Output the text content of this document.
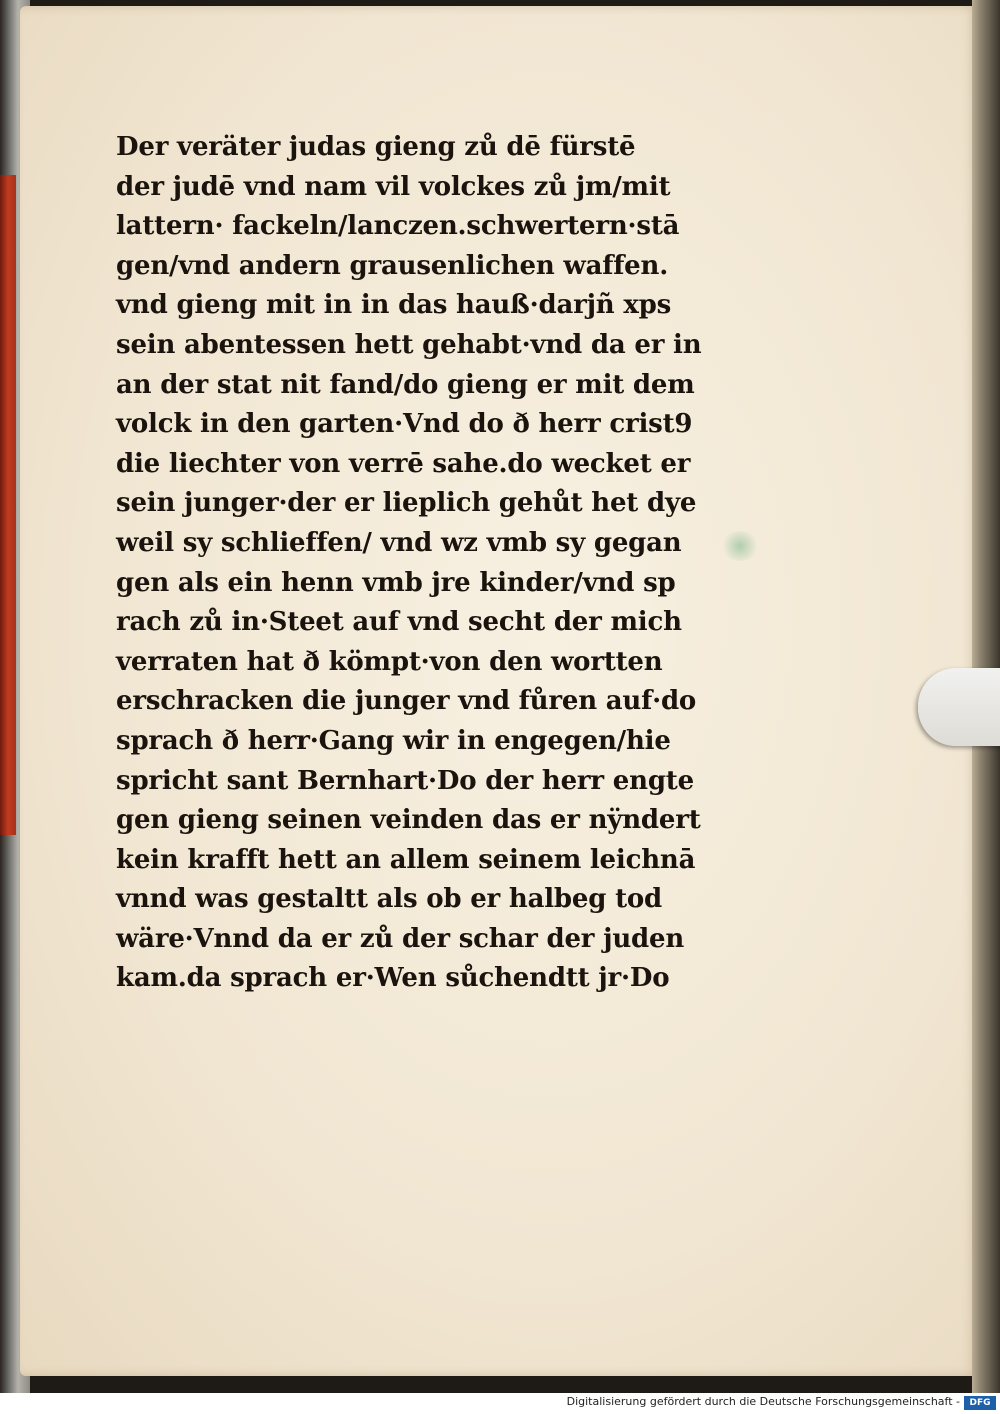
Der veräter judas gieng zů dē fürstē
der judē vnd nam vil volckes zů jm/mit
lattern· fackeln/lanczen.schwertern·stā
gen/vnd andern grausenlichen waffen.
vnd gieng mit in in das hauß·darjñ xps
sein abentessen hett gehabt·vnd da er in
an der stat nit fand/do gieng er mit dem
volck in den garten·Vnd do ð herr crist9
die liechter von verrē sahe.do wecket er
sein junger·der er lieplich gehůt het dye
weil sy schlieffen/ vnd wz vmb sy gegan
gen als ein henn vmb jre kinder/vnd sp
rach zů in·Steet auf vnd secht der mich
verraten hat ð kömpt·von den wortten
erschracken die junger vnd fůren auf·do
sprach ð herr·Gang wir in engegen/hie
spricht sant Bernhart·Do der herr engte
gen gieng seinen veinden das er nÿndert
kein krafft hett an allem seinem leichnā
vnnd was gestaltt als ob er halbeg tod
wäre·Vnnd da er zů der schar der juden
kam.da sprach er·Wen sůchendtt jr·Do
Digitalisierung gefördert durch die Deutsche Forschungsgemeinschaft -	DFG
